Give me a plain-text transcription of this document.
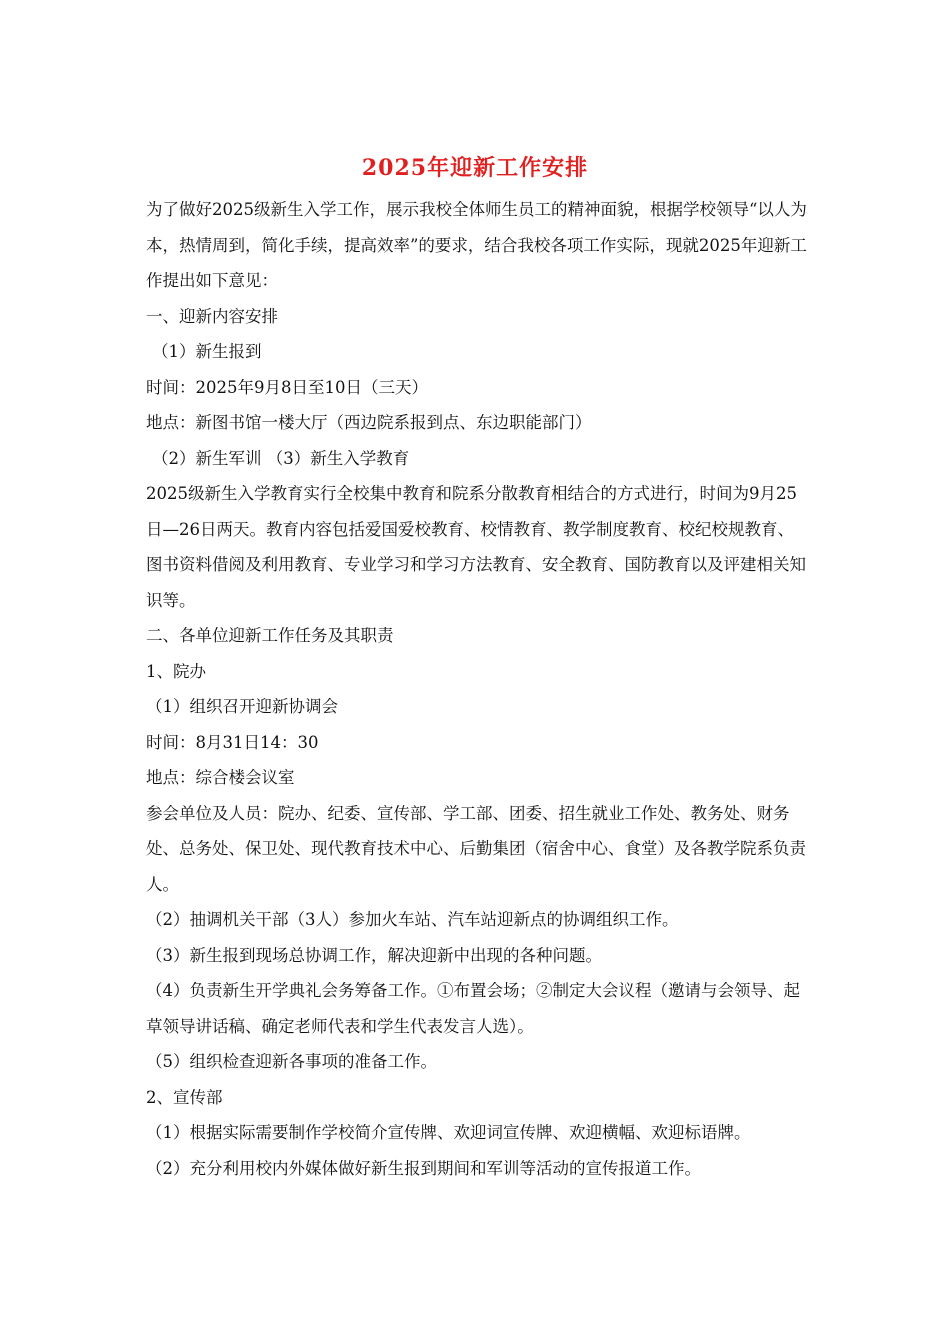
2025年迎新工作安排

为了做好2025级新生入学工作，展示我校全体师生员工的精神面貌，根据学校领导“以人为本，热情周到，简化手续，提高效率”的要求，结合我校各项工作实际，现就2025年迎新工作提出如下意见：

一、迎新内容安排

（1）新生报到

时间：2025年9月8日至10日（三天）

地点：新图书馆一楼大厅（西边院系报到点、东边职能部门）

（2）新生军训 （3）新生入学教育

2025级新生入学教育实行全校集中教育和院系分散教育相结合的方式进行，时间为9月25日—26日两天。教育内容包括爱国爱校教育、校情教育、教学制度教育、校纪校规教育、图书资料借阅及利用教育、专业学习和学习方法教育、安全教育、国防教育以及评建相关知识等。

二、各单位迎新工作任务及其职责

1、院办

（1）组织召开迎新协调会

时间：8月31日14：30

地点：综合楼会议室

参会单位及人员：院办、纪委、宣传部、学工部、团委、招生就业工作处、教务处、财务处、总务处、保卫处、现代教育技术中心、后勤集团（宿舍中心、食堂）及各教学院系负责人。

（2）抽调机关干部（3人）参加火车站、汽车站迎新点的协调组织工作。

（3）新生报到现场总协调工作，解决迎新中出现的各种问题。

（4）负责新生开学典礼会务筹备工作。①布置会场；②制定大会议程（邀请与会领导、起草领导讲话稿、确定老师代表和学生代表发言人选）。

（5）组织检查迎新各事项的准备工作。

2、宣传部

（1）根据实际需要制作学校简介宣传牌、欢迎词宣传牌、欢迎横幅、欢迎标语牌。

（2）充分利用校内外媒体做好新生报到期间和军训等活动的宣传报道工作。
